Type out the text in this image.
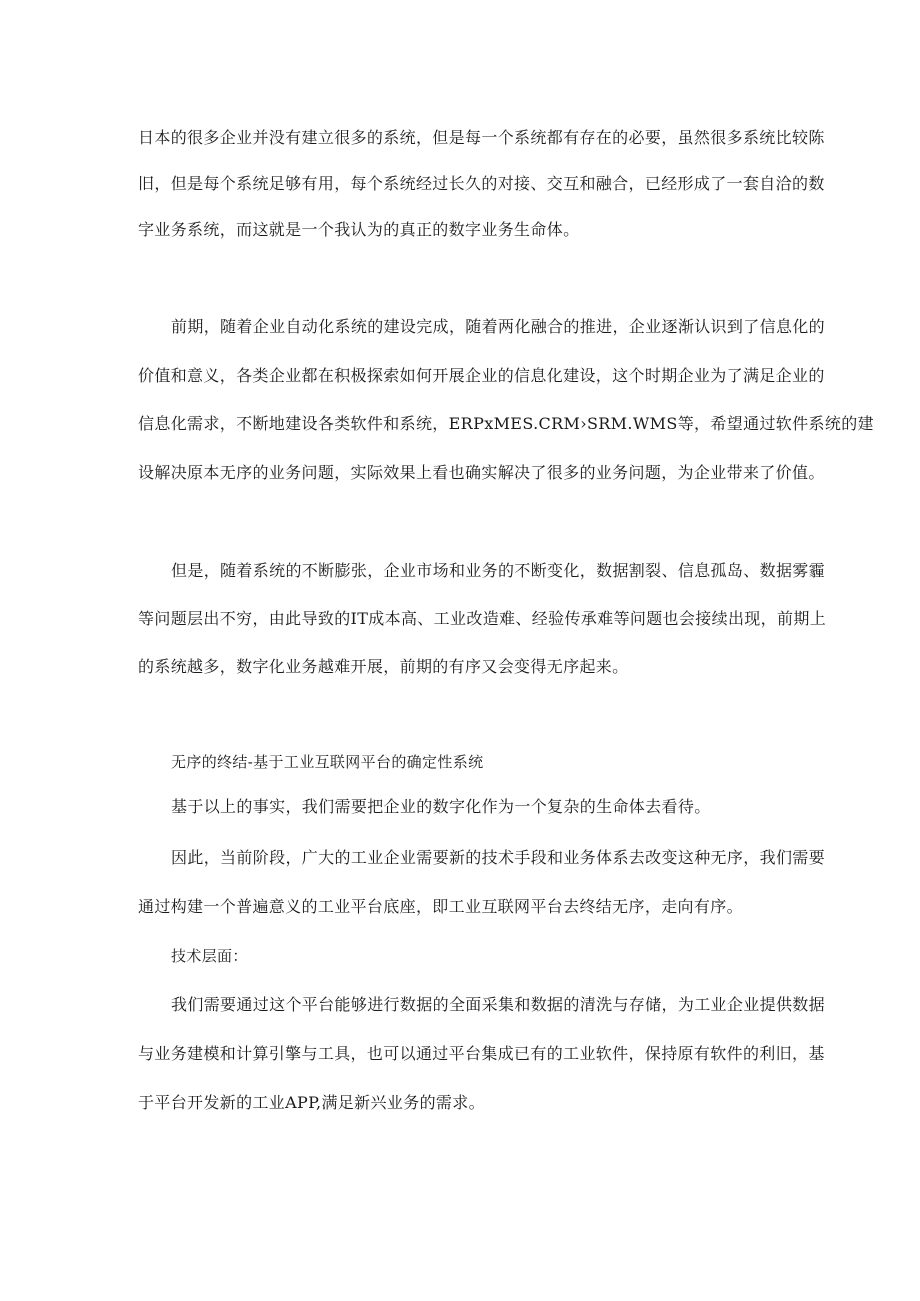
日本的很多企业并没有建立很多的系统，但是每一个系统都有存在的必要，虽然很多系统比较陈
旧，但是每个系统足够有用，每个系统经过长久的对接、交互和融合，已经形成了一套自洽的数
字业务系统，而这就是一个我认为的真正的数字业务生命体。
前期，随着企业自动化系统的建设完成，随着两化融合的推进，企业逐渐认识到了信息化的
价值和意义，各类企业都在积极探索如何开展企业的信息化建设，这个时期企业为了满足企业的
信息化需求，不断地建设各类软件和系统，ERPxMES.CRM›SRM.WMS等，希望通过软件系统的建
设解决原本无序的业务问题，实际效果上看也确实解决了很多的业务问题，为企业带来了价值。
但是，随着系统的不断膨张，企业市场和业务的不断变化，数据割裂、信息孤岛、数据雾霾
等问题层出不穷，由此导致的IT成本高、工业改造难、经验传承难等问题也会接续出现，前期上
的系统越多，数字化业务越难开展，前期的有序又会变得无序起来。
无序的终结-基于工业互联网平台的确定性系统
基于以上的事实，我们需要把企业的数字化作为一个复杂的生命体去看待。
因此，当前阶段，广大的工业企业需要新的技术手段和业务体系去改变这种无序，我们需要
通过构建一个普遍意义的工业平台底座，即工业互联网平台去终结无序，走向有序。
技术层面：
我们需要通过这个平台能够进行数据的全面采集和数据的清洗与存储，为工业企业提供数据
与业务建模和计算引擎与工具，也可以通过平台集成已有的工业软件，保持原有软件的利旧，基
于平台开发新的工业APP,满足新兴业务的需求。
